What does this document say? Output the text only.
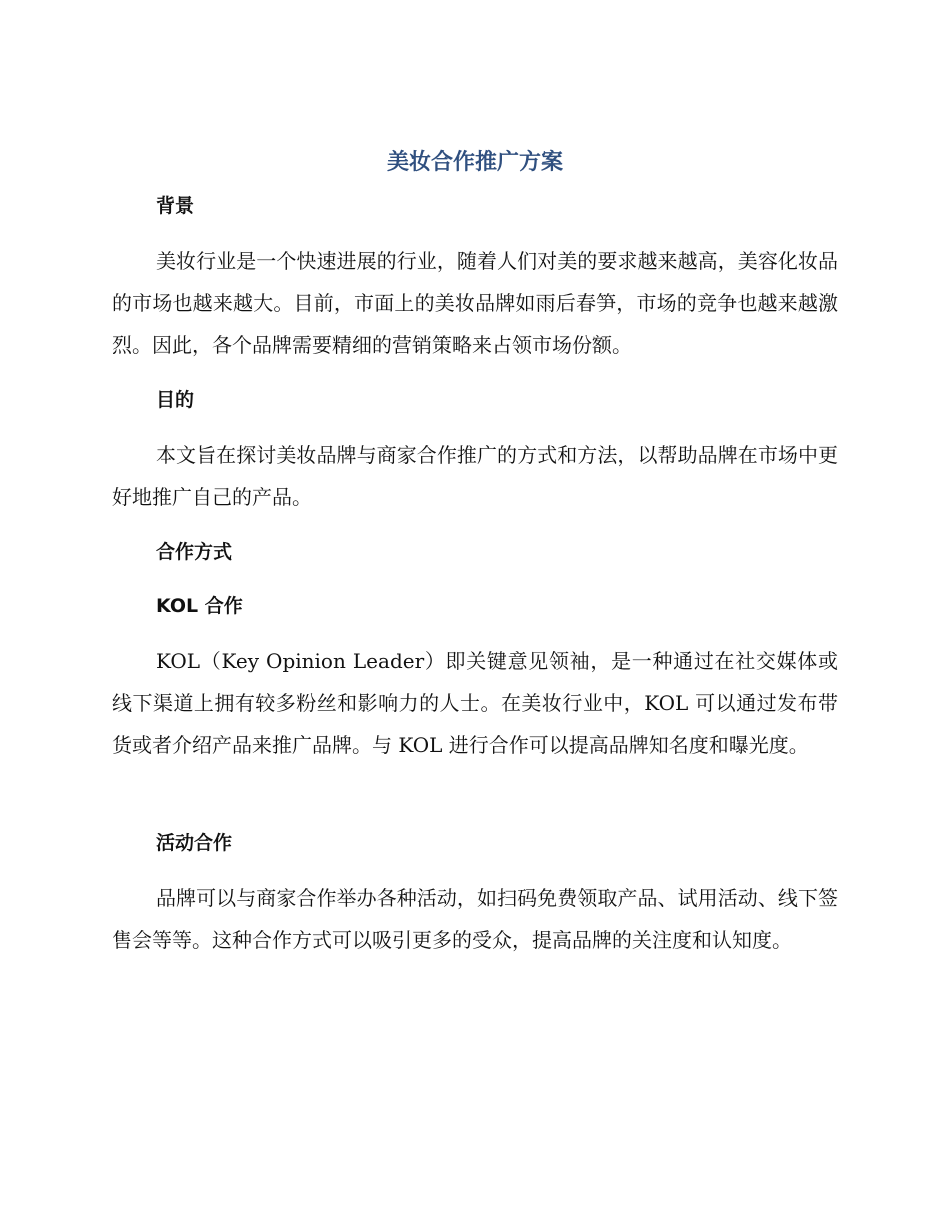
美妆合作推广方案
背景

美妆行业是一个快速进展的行业，随着人们对美的要求越来越高，美容化妆品的市场也越来越大。目前，市面上的美妆品牌如雨后春笋，市场的竞争也越来越激烈。因此，各个品牌需要精细的营销策略来占领市场份额。

目的

本文旨在探讨美妆品牌与商家合作推广的方式和方法，以帮助品牌在市场中更好地推广自己的产品。

合作方式
KOL 合作

KOL（Key Opinion Leader）即关键意见领袖，是一种通过在社交媒体或线下渠道上拥有较多粉丝和影响力的人士。在美妆行业中，KOL 可以通过发布带货或者介绍产品来推广品牌。与 KOL 进行合作可以提高品牌知名度和曝光度。

活动合作

品牌可以与商家合作举办各种活动，如扫码免费领取产品、试用活动、线下签售会等等。这种合作方式可以吸引更多的受众，提高品牌的关注度和认知度。
